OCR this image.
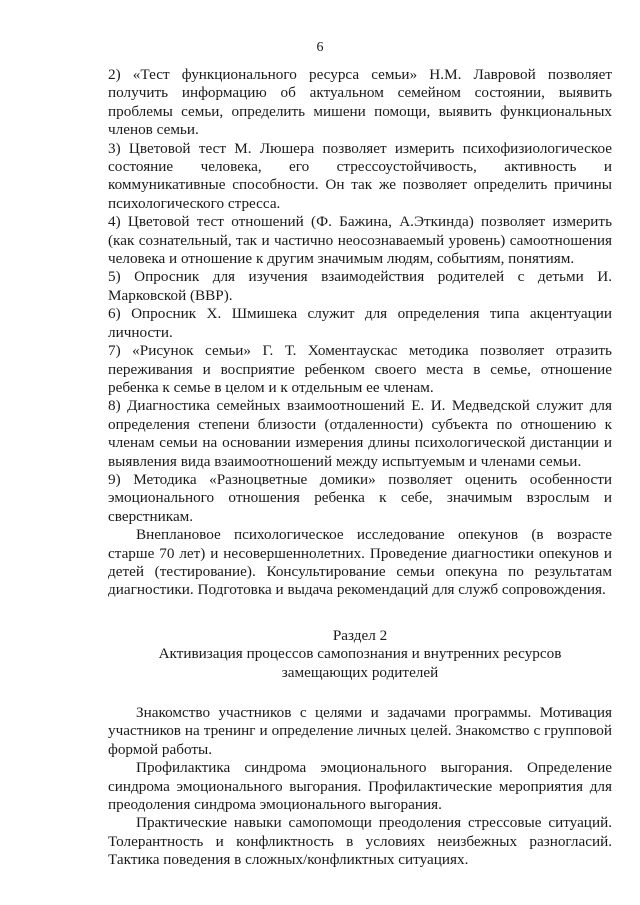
6

2) «Тест функционального ресурса семьи» Н.М. Лавровой позволяет получить информацию об актуальном семейном состоянии, выявить проблемы семьи, определить мишени помощи, выявить функциональных членов семьи.

3) Цветовой тест М. Люшера позволяет измерить психофизиологическое состояние человека, его стрессоустойчивость, активность и коммуникативные способности. Он так же позволяет определить причины психологического стресса.

4) Цветовой тест отношений (Ф. Бажина, А.Эткинда) позволяет измерить (как сознательный, так и частично неосознаваемый уровень) самоотношения человека и отношение к другим значимым людям, событиям, понятиям.

5) Опросник для изучения взаимодействия родителей с детьми И. Марковской (ВВР).

6) Опросник Х. Шмишека служит для определения типа акцентуации личности.

7) «Рисунок семьи» Г. Т. Хоментаускас методика позволяет отразить переживания и восприятие ребенком своего места в семье, отношение ребенка к семье в целом и к отдельным ее членам.

8) Диагностика семейных взаимоотношений Е. И. Медведской служит для определения степени близости (отдаленности) субъекта по отношению к членам семьи на основании измерения длины психологической дистанции и выявления вида взаимоотношений между испытуемым и членами семьи.

9) Методика «Разноцветные домики» позволяет оценить особенности эмоционального отношения ребенка к себе, значимым взрослым и сверстникам.

Внеплановое психологическое исследование опекунов (в возрасте старше 70 лет) и несовершеннолетних. Проведение диагностики опекунов и детей (тестирование). Консультирование семьи опекуна по результатам диагностики. Подготовка и выдача рекомендаций для служб сопровождения.

Раздел 2
Активизация процессов самопознания и внутренних ресурсов
замещающих родителей

Знакомство участников с целями и задачами программы. Мотивация участников на тренинг и определение личных целей. Знакомство с групповой формой работы.

Профилактика синдрома эмоционального выгорания. Определение синдрома эмоционального выгорания. Профилактические мероприятия для преодоления синдрома эмоционального выгорания.

Практические навыки самопомощи преодоления стрессовые ситуаций. Толерантность и конфликтность в условиях неизбежных разногласий. Тактика поведения в сложных/конфликтных ситуациях.
